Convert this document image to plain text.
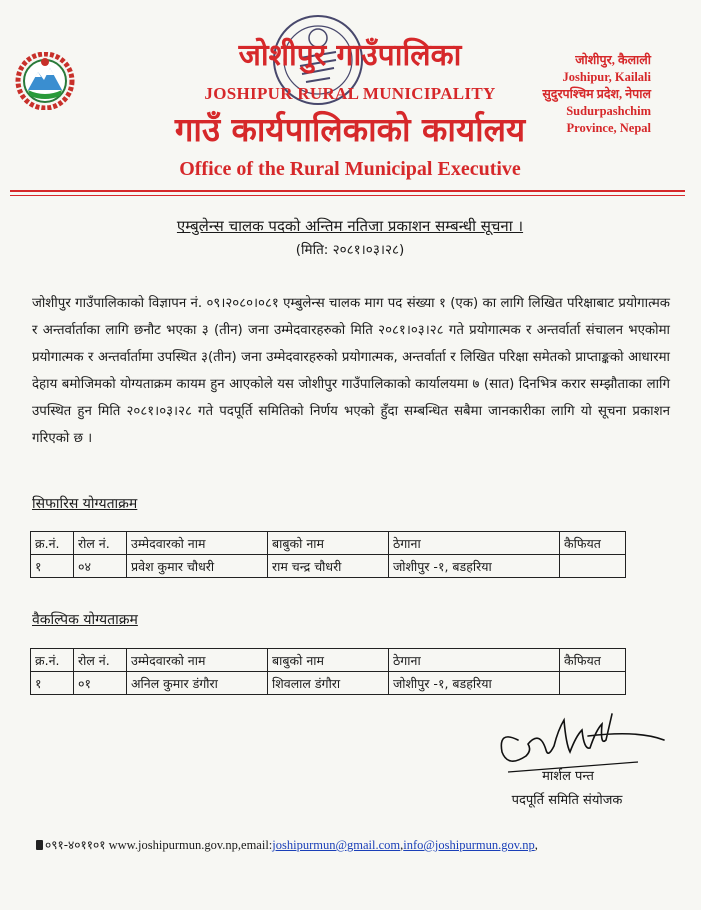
जोशीपुर गाउँपालिका
JOSHIPUR RURAL MUNICIPALITY
गाउँ कार्यपालिकाको कार्यालय
Office of the Rural Municipal Executive
जोशीपुर, कैलाली
Joshipur, Kailali
सुदुरपश्चिम प्रदेश, नेपाल
Sudurpashchim
Province, Nepal
एम्बुलेन्स चालक पदको अन्तिम नतिजा प्रकाशन सम्बन्धी सूचना ।
(मिति: २०८१।०३।२८)
जोशीपुर गाउँपालिकाको विज्ञापन नं. ०९।२०८०।०८१ एम्बुलेन्स चालक माग पद संख्या १ (एक) का लागि लिखित परिक्षाबाट प्रयोगात्मक र अन्तर्वार्ताका लागि छनौट भएका ३ (तीन) जना उम्मेदवारहरुको मिति २०८१।०३।२८ गते प्रयोगात्मक र अन्तर्वार्ता संचालन भएकोमा प्रयोगात्मक र अन्तर्वार्तामा उपस्थित ३(तीन) जना उम्मेदवारहरुको प्रयोगात्मक, अन्तर्वार्ता र लिखित परिक्षा समेतको प्राप्ताङ्कको आधारमा देहाय बमोजिमको योग्यताक्रम कायम हुन आएकोले यस जोशीपुर गाउँपालिकाको कार्यालयमा ७ (सात) दिनभित्र करार सम्झौताका लागि उपस्थित हुन मिति २०८१।०३।२८ गते पदपूर्ति समितिको निर्णय भएको हुँदा सम्बन्धित सबैमा जानकारीका लागि यो सूचना प्रकाशन गरिएको छ ।
सिफारिस योग्यताक्रम
क्र.नं.	रोल नं.	उम्मेदवारको नाम	बाबुको नाम	ठेगाना	कैफियत
१	०४	प्रवेश कुमार चौधरी	राम चन्द्र चौधरी	जोशीपुर -१, बडहरिया	
वैकल्पिक योग्यताक्रम
क्र.नं.	रोल नं.	उम्मेदवारको नाम	बाबुको नाम	ठेगाना	कैफियत
१	०१	अनिल कुमार डंगौरा	शिवलाल डंगौरा	जोशीपुर -१, बडहरिया	
मार्शल पन्त
पदपूर्ति समिति संयोजक
०९१-४०११०१ www.joshipurmun.gov.np,email:joshipurmun@gmail.com,info@joshipurmun.gov.np,
